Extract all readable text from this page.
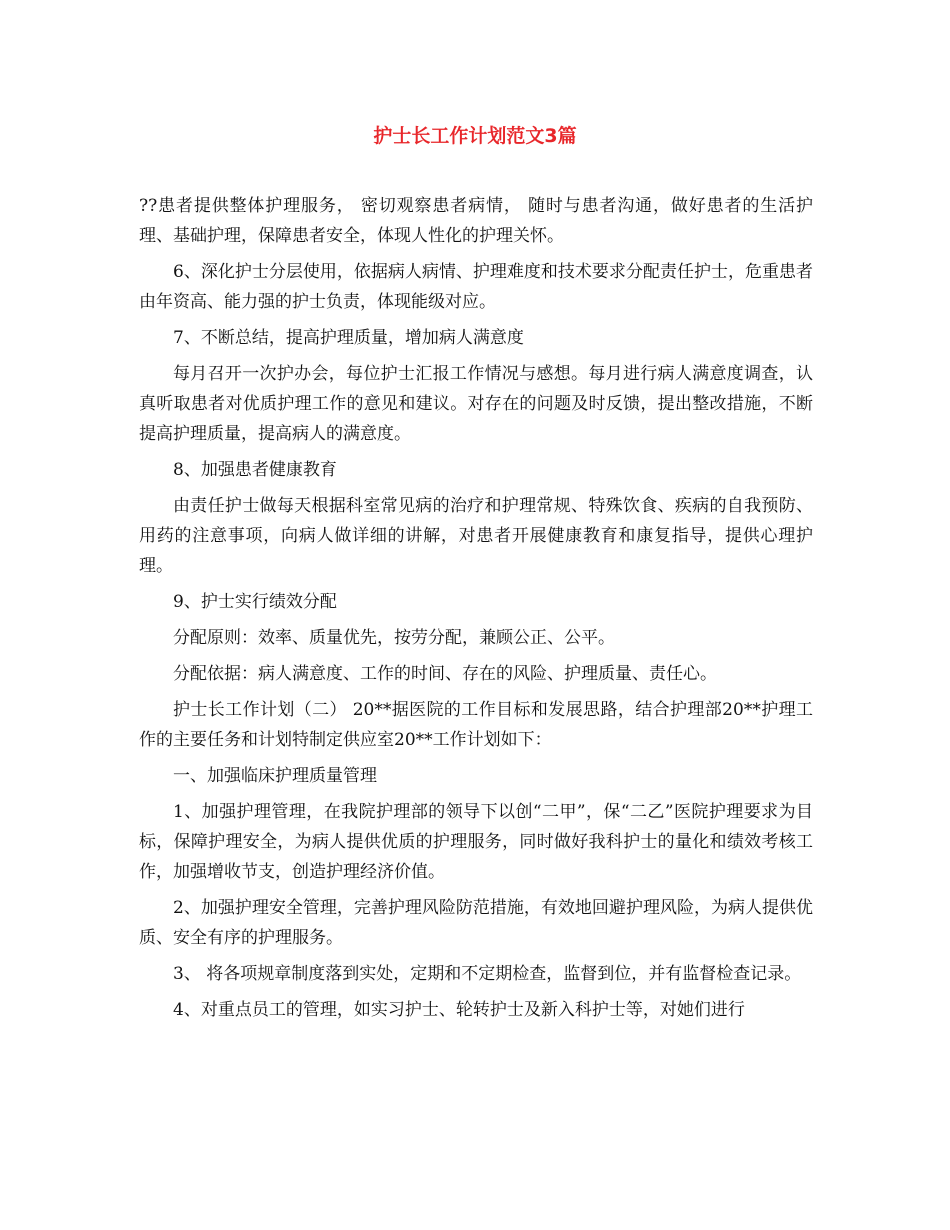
护士长工作计划范文3篇

??患者提供整体护理服务， 密切观察患者病情， 随时与患者沟通，做好患者的生活护理、基础护理，保障患者安全，体现人性化的护理关怀。

6、深化护士分层使用，依据病人病情、护理难度和技术要求分配责任护士，危重患者由年资高、能力强的护士负责，体现能级对应。

7、不断总结，提高护理质量，增加病人满意度

每月召开一次护办会，每位护士汇报工作情况与感想。每月进行病人满意度调查，认真听取患者对优质护理工作的意见和建议。对存在的问题及时反馈，提出整改措施，不断提高护理质量，提高病人的满意度。

8、加强患者健康教育

由责任护士做每天根据科室常见病的治疗和护理常规、特殊饮食、疾病的自我预防、用药的注意事项，向病人做详细的讲解，对患者开展健康教育和康复指导，提供心理护理。

9、护士实行绩效分配

分配原则：效率、质量优先，按劳分配，兼顾公正、公平。

分配依据：病人满意度、工作的时间、存在的风险、护理质量、责任心。

护士长工作计划（二） 20**据医院的工作目标和发展思路，结合护理部20**护理工作的主要任务和计划特制定供应室20**工作计划如下：

一、加强临床护理质量管理

1、加强护理管理，在我院护理部的领导下以创“二甲”，保“二乙”医院护理要求为目标，保障护理安全，为病人提供优质的护理服务，同时做好我科护士的量化和绩效考核工作，加强增收节支，创造护理经济价值。

2、加强护理安全管理，完善护理风险防范措施，有效地回避护理风险，为病人提供优质、安全有序的护理服务。

3、 将各项规章制度落到实处，定期和不定期检查，监督到位，并有监督检查记录。

4、对重点员工的管理，如实习护士、轮转护士及新入科护士等，对她们进行
